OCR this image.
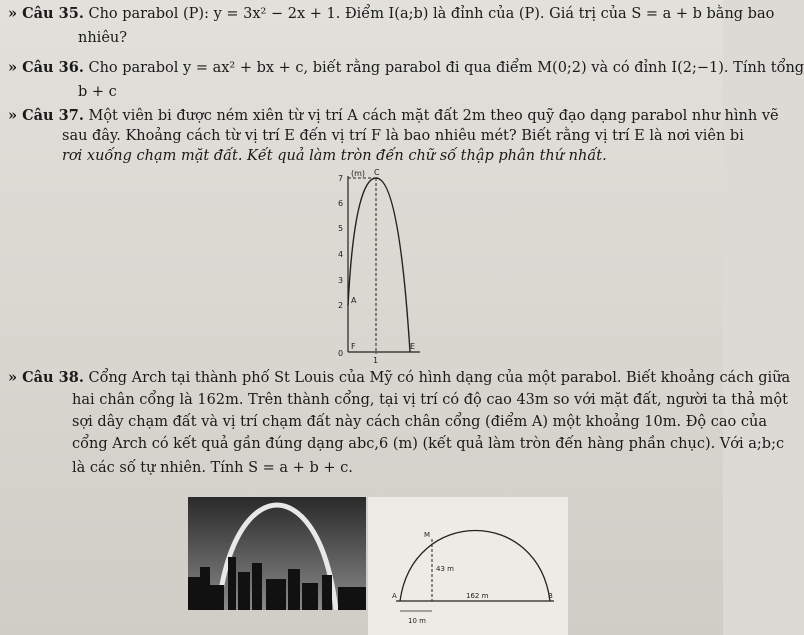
» Câu 35. Cho parabol (P): y = 3x² − 2x + 1. Điểm I(a;b) là đỉnh của (P). Giá trị của S = a + b bằng bao
nhiêu?
» Câu 36. Cho parabol y = ax² + bx + c, biết rằng parabol đi qua điểm M(0;2) và có đỉnh I(2;−1). Tính tổng
b + c
» Câu 37. Một viên bi được ném xiên từ vị trí A cách mặt đất 2m theo quỹ đạo dạng parabol như hình vẽ
sau đây. Khoảng cách từ vị trí E đến vị trí F là bao nhiêu mét? Biết rằng vị trí E là nơi viên bi
rơi xuống chạm mặt đất. Kết quả làm tròn đến chữ số thập phân thứ nhất.
7
6
5
4
3
2
0
(m) C
A
F	E
1
» Câu 38. Cổng Arch tại thành phố St Louis của Mỹ có hình dạng của một parabol. Biết khoảng cách giữa
hai chân cổng là 162m. Trên thành cổng, tại vị trí có độ cao 43m so với mặt đất, người ta thả một
sợi dây chạm đất và vị trí chạm đất này cách chân cổng (điểm A) một khoảng 10m. Độ cao của
cổng Arch có kết quả gần đúng dạng abc,6 (m) (kết quả làm tròn đến hàng phần chục). Với a;b;c
là các số tự nhiên. Tính S = a + b + c.
M
43 m
A	162 m	B
10 m
